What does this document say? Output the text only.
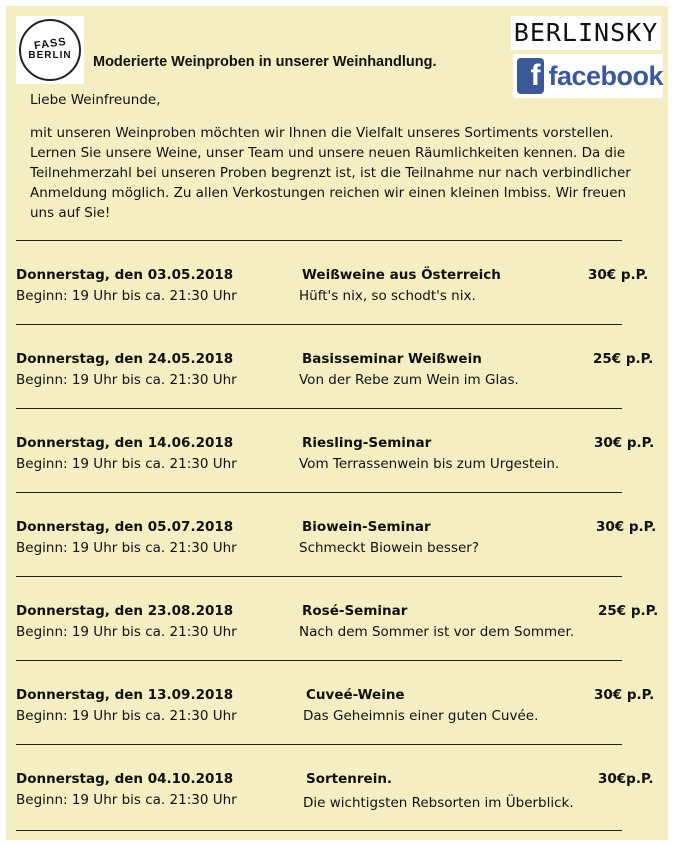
FASS
BERLIN
BERLINSKY
f facebook
Moderierte Weinproben in unserer Weinhandlung.
Liebe Weinfreunde,
mit unseren Weinproben möchten wir Ihnen die Vielfalt unseres Sortiments vorstellen. Lernen Sie unsere Weine, unser Team und unsere neuen Räumlichkeiten kennen. Da die Teilnehmerzahl bei unseren Proben begrenzt ist, ist die Teilnahme nur nach verbindlicher Anmeldung möglich. Zu allen Verkostungen reichen wir einen kleinen Imbiss. Wir freuen uns auf Sie!
Donnerstag, den 03.05.2018
Beginn: 19 Uhr bis ca. 21:30 Uhr
Weißweine aus Österreich
Hüft's nix, so schodt's nix.
30€ p.P.
Donnerstag, den 24.05.2018
Beginn: 19 Uhr bis ca. 21:30 Uhr
Basisseminar Weißwein
Von der Rebe zum Wein im Glas.
25€ p.P.
Donnerstag, den 14.06.2018
Beginn: 19 Uhr bis ca. 21:30 Uhr
Riesling-Seminar
Vom Terrassenwein bis zum Urgestein.
30€ p.P.
Donnerstag, den 05.07.2018
Beginn: 19 Uhr bis ca. 21:30 Uhr
Biowein-Seminar
Schmeckt Biowein besser?
30€ p.P.
Donnerstag, den 23.08.2018
Beginn: 19 Uhr bis ca. 21:30 Uhr
Rosé-Seminar
Nach dem Sommer ist vor dem Sommer.
25€ p.P.
Donnerstag, den 13.09.2018
Beginn: 19 Uhr bis ca. 21:30 Uhr
Cuveé-Weine
Das Geheimnis einer guten Cuvée.
30€ p.P.
Donnerstag, den 04.10.2018
Beginn: 19 Uhr bis ca. 21:30 Uhr
Sortenrein.
Die wichtigsten Rebsorten im Überblick.
30€p.P.
